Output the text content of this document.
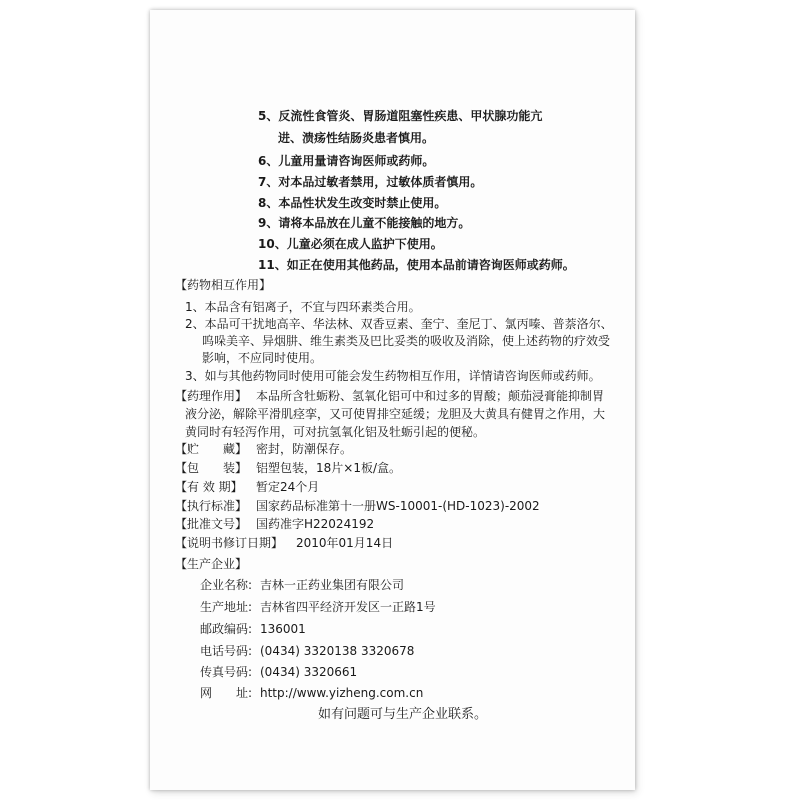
5、反流性食管炎、胃肠道阻塞性疾患、甲状腺功能亢
进、溃疡性结肠炎患者慎用。
6、儿童用量请咨询医师或药师。
7、对本品过敏者禁用，过敏体质者慎用。
8、本品性状发生改变时禁止使用。
9、请将本品放在儿童不能接触的地方。
10、儿童必须在成人监护下使用。
11、如正在使用其他药品，使用本品前请咨询医师或药师。
【药物相互作用】
1、本品含有铝离子，不宜与四环素类合用。
2、本品可干扰地高辛、华法林、双香豆素、奎宁、奎尼丁、氯丙嗪、普萘洛尔、
呜哚美辛、异烟肼、维生素类及巴比妥类的吸收及消除，使上述药物的疗效受
影响，不应同时使用。
3、如与其他药物同时使用可能会发生药物相互作用，详情请咨询医师或药师。
【药理作用】 本品所含牡蛎粉、氢氧化铝可中和过多的胃酸；颠茄浸膏能抑制胃
液分泌，解除平滑肌痉挛，又可使胃排空延缓；龙胆及大黄具有健胃之作用，大
黄同时有轻泻作用，可对抗氢氧化铝及牡蛎引起的便秘。
【贮　　藏】 密封，防潮保存。
【包　　装】 铝塑包装，18片×1板/盒。
【有 效 期】 暂定24个月
【执行标准】 国家药品标准第十一册WS-10001-(HD-1023)-2002
【批准文号】 国药准字H22024192
【说明书修订日期】 2010年01月14日
【生产企业】
企业名称: 吉林一正药业集团有限公司
生产地址: 吉林省四平经济开发区一正路1号
邮政编码: 136001
电话号码: (0434) 3320138 3320678
传真号码: (0434) 3320661
网　　址: http://www.yizheng.com.cn
如有问题可与生产企业联系。
